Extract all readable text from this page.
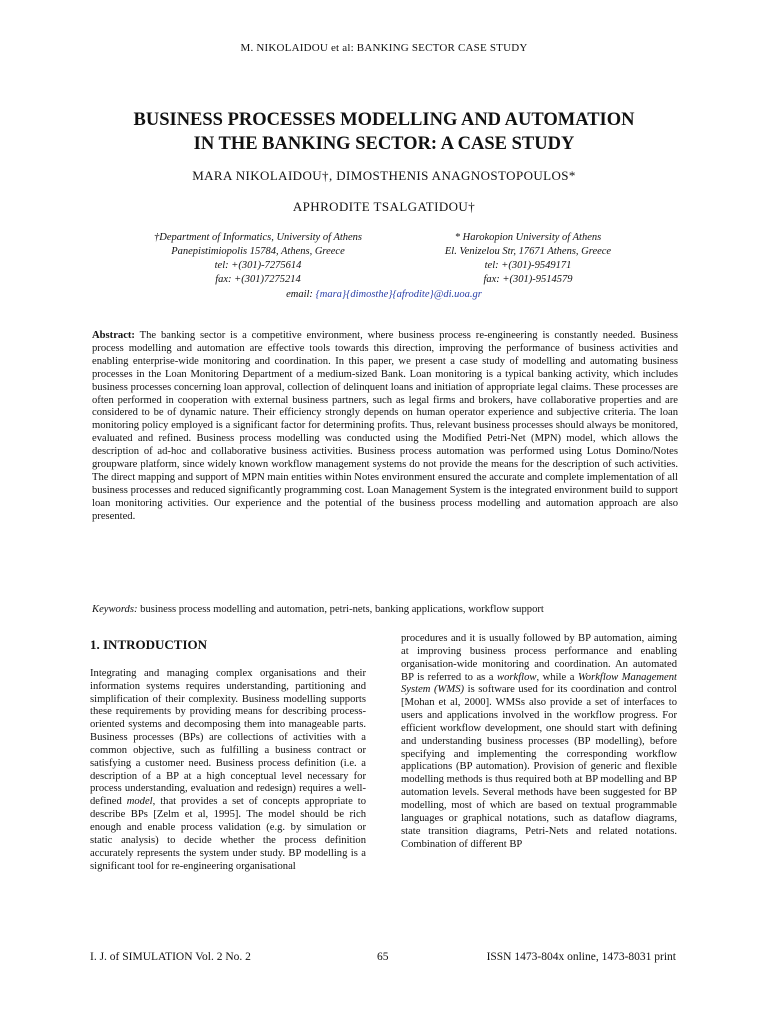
M. NIKOLAIDOU et al: BANKING SECTOR CASE STUDY
BUSINESS PROCESSES MODELLING AND AUTOMATION
IN THE BANKING SECTOR: A CASE STUDY
MARA NIKOLAIDOU†, DIMOSTHENIS ANAGNOSTOPOULOS*
APHRODITE TSALGATIDOU†
†Department of Informatics, University of Athens
Panepistimiopolis 15784, Athens, Greece
tel: +(301)-7275614
fax: +(301)7275214
* Harokopion University of Athens
El. Venizelou Str, 17671 Athens, Greece
tel: +(301)-9549171
fax: +(301)-9514579
email: {mara}{dimosthe}{afrodite}@di.uoa.gr
Abstract: The banking sector is a competitive environment, where business process re-engineering is constantly needed. Business process modelling and automation are effective tools towards this direction, improving the performance of business activities and enabling enterprise-wide monitoring and coordination. In this paper, we present a case study of modelling and automating business processes in the Loan Monitoring Department of a medium-sized Bank. Loan monitoring is a typical banking activity, which includes business processes concerning loan approval, collection of delinquent loans and initiation of appropriate legal claims. These processes are often performed in cooperation with external business partners, such as legal firms and brokers, have collaborative properties and are considered to be of dynamic nature. Their efficiency strongly depends on human operator experience and subjective criteria. The loan monitoring policy employed is a significant factor for determining profits. Thus, relevant business processes should always be monitored, evaluated and refined. Business process modelling was conducted using the Modified Petri-Net (MPN) model, which allows the description of ad-hoc and collaborative business activities. Business process automation was performed using Lotus Domino/Notes groupware platform, since widely known workflow management systems do not provide the means for the description of such activities. The direct mapping and support of MPN main entities within Notes environment ensured the accurate and complete implementation of all business processes and reduced significantly programming cost. Loan Management System is the integrated environment build to support loan monitoring activities. Our experience and the potential of the business process modelling and automation approach are also presented.
Keywords: business process modelling and automation, petri-nets, banking applications, workflow support
1. INTRODUCTION

Integrating and managing complex organisations and their information systems requires understanding, partitioning and simplification of their complexity. Business modelling supports these requirements by providing means for describing process-oriented systems and decomposing them into manageable parts. Business processes (BPs) are collections of activities with a common objective, such as fulfilling a business contract or satisfying a customer need. Business process definition (i.e. a description of a BP at a high conceptual level necessary for process understanding, evaluation and redesign) requires a well-defined model, that provides a set of concepts appropriate to describe BPs [Zelm et al, 1995]. The model should be rich enough and enable process validation (e.g. by simulation or static analysis) to decide whether the process definition accurately represents the system under study. BP modelling is a significant tool for re-engineering organisational

procedures and it is usually followed by BP automation, aiming at improving business process performance and enabling organisation-wide monitoring and coordination. An automated BP is referred to as a workflow, while a Workflow Management System (WMS) is software used for its coordination and control [Mohan et al, 2000]. WMSs also provide a set of interfaces to users and applications involved in the workflow progress. For efficient workflow development, one should start with defining and understanding business processes (BP modelling), before specifying and implementing the corresponding workflow applications (BP automation). Provision of generic and flexible modelling methods is thus required both at BP modelling and BP automation levels. Several methods have been suggested for BP modelling, most of which are based on textual programmable languages or graphical notations, such as dataflow diagrams, state transition diagrams, Petri-Nets and related notations. Combination of different BP

I. J. of SIMULATION Vol. 2 No. 2	65	ISSN 1473-804x online, 1473-8031 print
